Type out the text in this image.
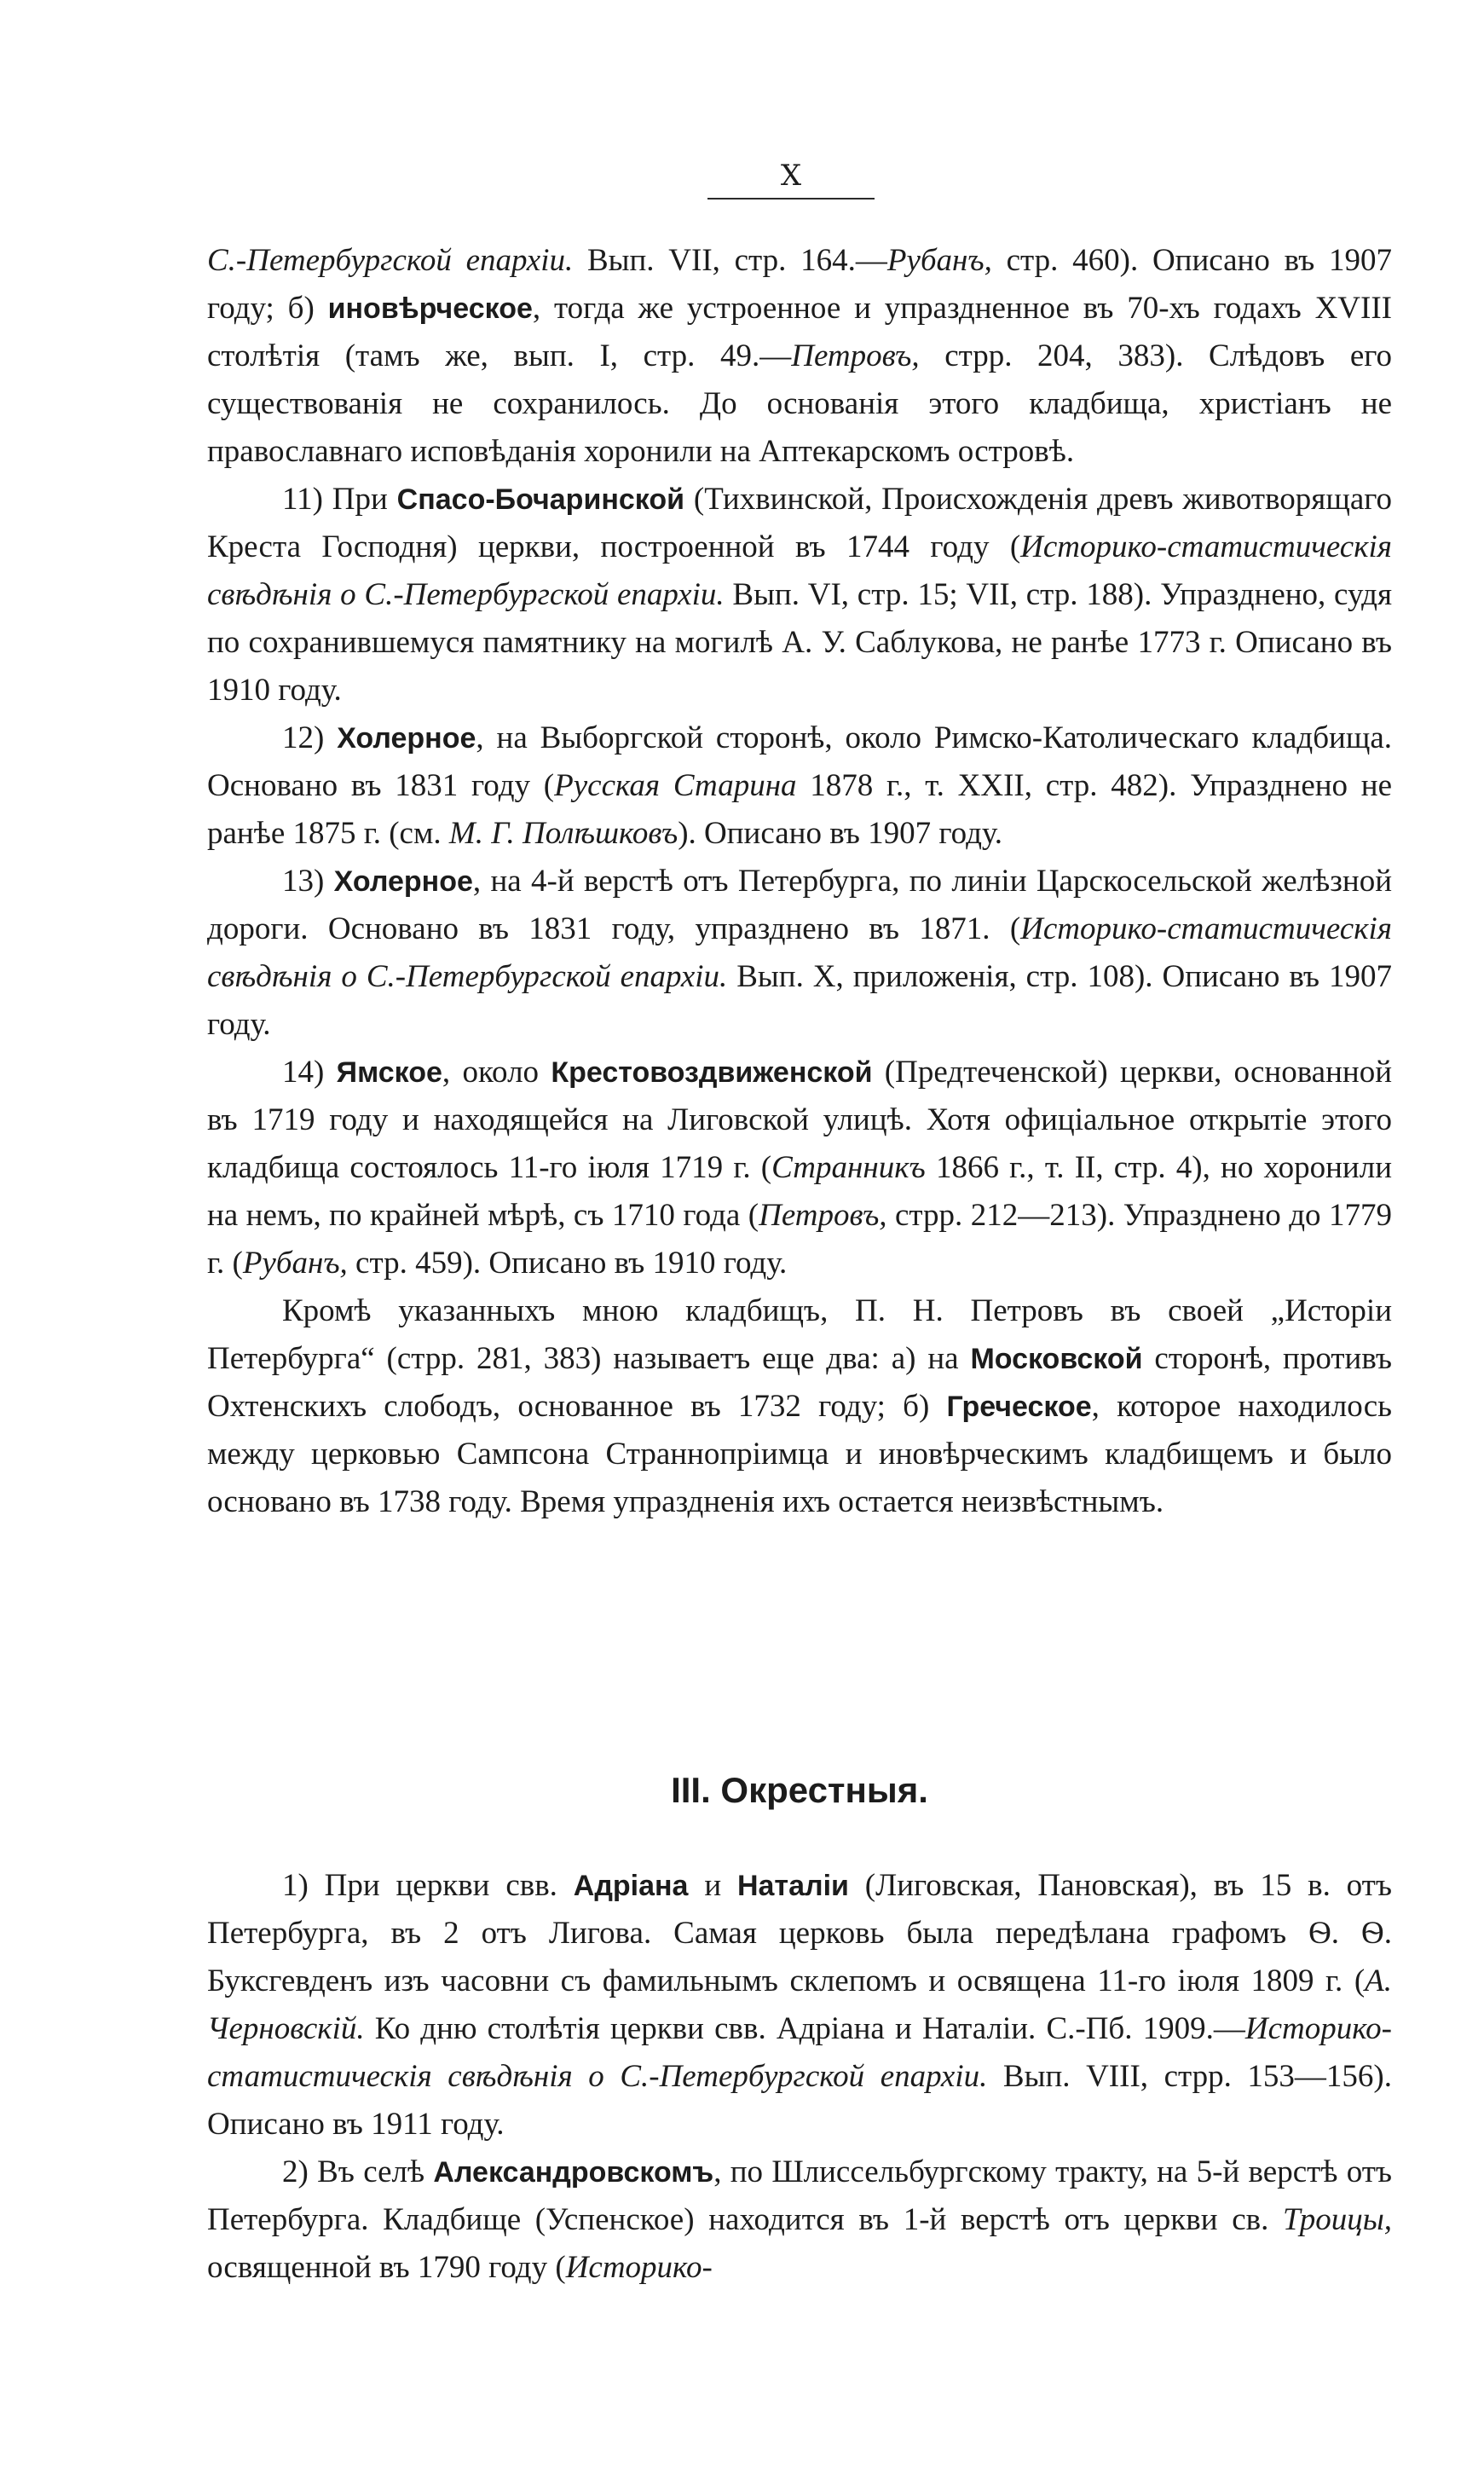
X

С.-Петербургской епархіи. Вып. VII, стр. 164.—Рубанъ, стр. 460). Описано въ 1907 году; б) иновѣрческое, тогда же устроенное и упраздненное въ 70-хъ годахъ XVIII столѣтія (тамъ же, вып. I, стр. 49.—Петровъ, стрр. 204, 383). Слѣдовъ его существованія не сохранилось. До основанія этого кладбища, христіанъ не православнаго исповѣданія хоронили на Аптекарскомъ островѣ.

11) При Спасо-Бочаринской (Тихвинской, Происхожденія древъ животворящаго Креста Господня) церкви, построенной въ 1744 году (Историко-статистическія свѣдѣнія о С.-Петербургской епархіи. Вып. VI, стр. 15; VII, стр. 188). Упразднено, судя по сохранившемуся памятнику на могилѣ А. У. Саблукова, не ранѣе 1773 г. Описано въ 1910 году.

12) Холерное, на Выборгской сторонѣ, около Римско-Католическаго кладбища. Основано въ 1831 году (Русская Старина 1878 г., т. XXII, стр. 482). Упразднено не ранѣе 1875 г. (см. М. Г. Полѣшковъ). Описано въ 1907 году.

13) Холерное, на 4-й верстѣ отъ Петербурга, по линіи Царскосельской желѣзной дороги. Основано въ 1831 году, упразднено въ 1871. (Историко-статистическія свѣдѣнія о С.-Петербургской епархіи. Вып. X, приложенія, стр. 108). Описано въ 1907 году.

14) Ямское, около Крестовоздвиженской (Предтеченской) церкви, основанной въ 1719 году и находящейся на Лиговской улицѣ. Хотя офиціальное открытіе этого кладбища состоялось 11-го іюля 1719 г. (Странникъ 1866 г., т. II, стр. 4), но хоронили на немъ, по крайней мѣрѣ, съ 1710 года (Петровъ, стрр. 212—213). Упразднено до 1779 г. (Рубанъ, стр. 459). Описано въ 1910 году.

Кромѣ указанныхъ мною кладбищъ, П. Н. Петровъ въ своей „Исторіи Петербурга“ (стрр. 281, 383) называетъ еще два: а) на Московской сторонѣ, противъ Охтенскихъ слободъ, основанное въ 1732 году; б) Греческое, которое находилось между церковью Сампсона Страннопріимца и иновѣрческимъ кладбищемъ и было основано въ 1738 году. Время упраздненія ихъ остается неизвѣстнымъ.

III. Окрестныя.

1) При церкви свв. Адріана и Наталіи (Лиговская, Пановская), въ 15 в. отъ Петербурга, въ 2 отъ Лигова. Самая церковь была передѣлана графомъ Ѳ. Ѳ. Буксгевденъ изъ часовни съ фамильнымъ склепомъ и освящена 11-го іюля 1809 г. (А. Черновскій. Ко дню столѣтія церкви свв. Адріана и Наталіи. С.-Пб. 1909.—Историко-статистическія свѣдѣнія о С.-Петербургской епархіи. Вып. VIII, стрр. 153—156). Описано въ 1911 году.

2) Въ селѣ Александровскомъ, по Шлиссельбургскому тракту, на 5-й верстѣ отъ Петербурга. Кладбище (Успенское) находится въ 1-й верстѣ отъ церкви св. Троицы, освященной въ 1790 году (Историко-
